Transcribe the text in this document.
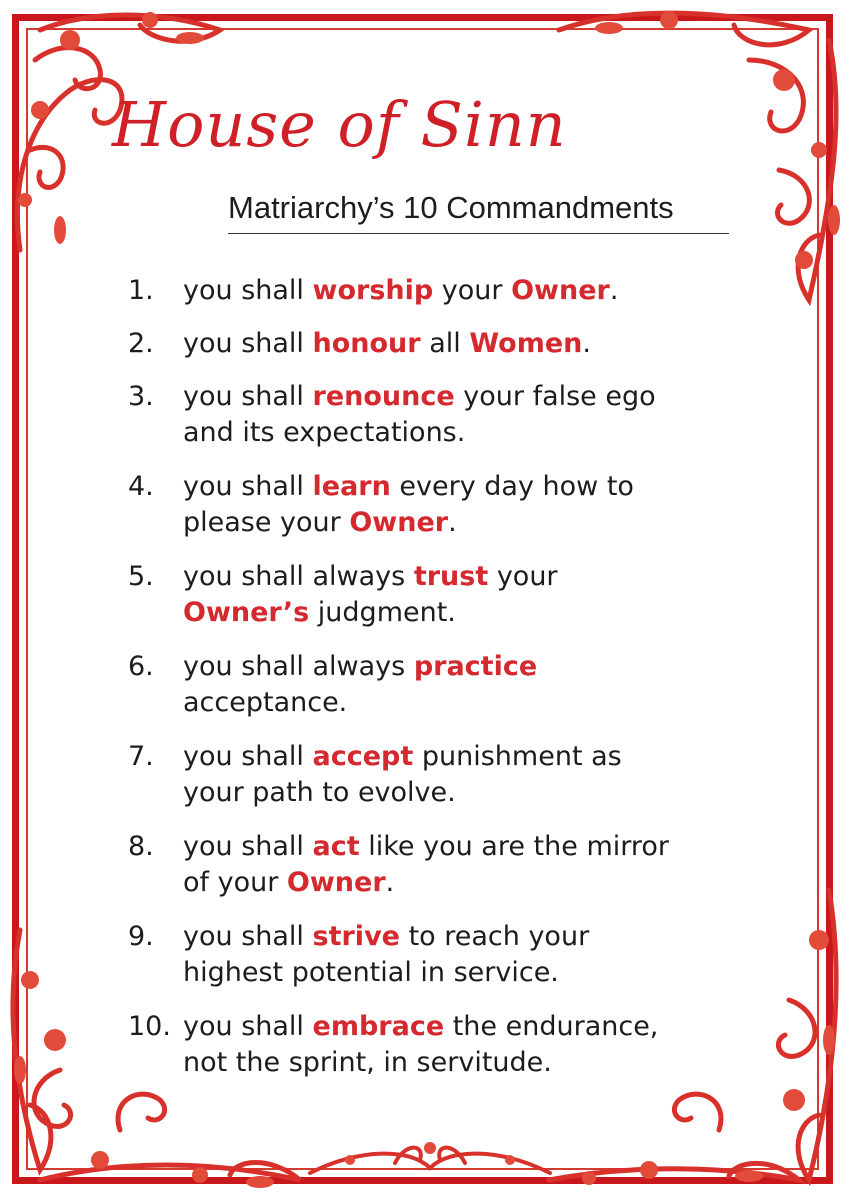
House of Sinn
Matriarchy’s 10 Commandments
1. you shall worship your Owner.
2. you shall honour all Women.
3. you shall renounce your false ego
and its expectations.
4. you shall learn every day how to
please your Owner.
5. you shall always trust your
Owner’s judgment.
6. you shall always practice
acceptance.
7. you shall accept punishment as
your path to evolve.
8. you shall act like you are the mirror
of your Owner.
9. you shall strive to reach your
highest potential in service.
10. you shall embrace the endurance,
not the sprint, in servitude.
